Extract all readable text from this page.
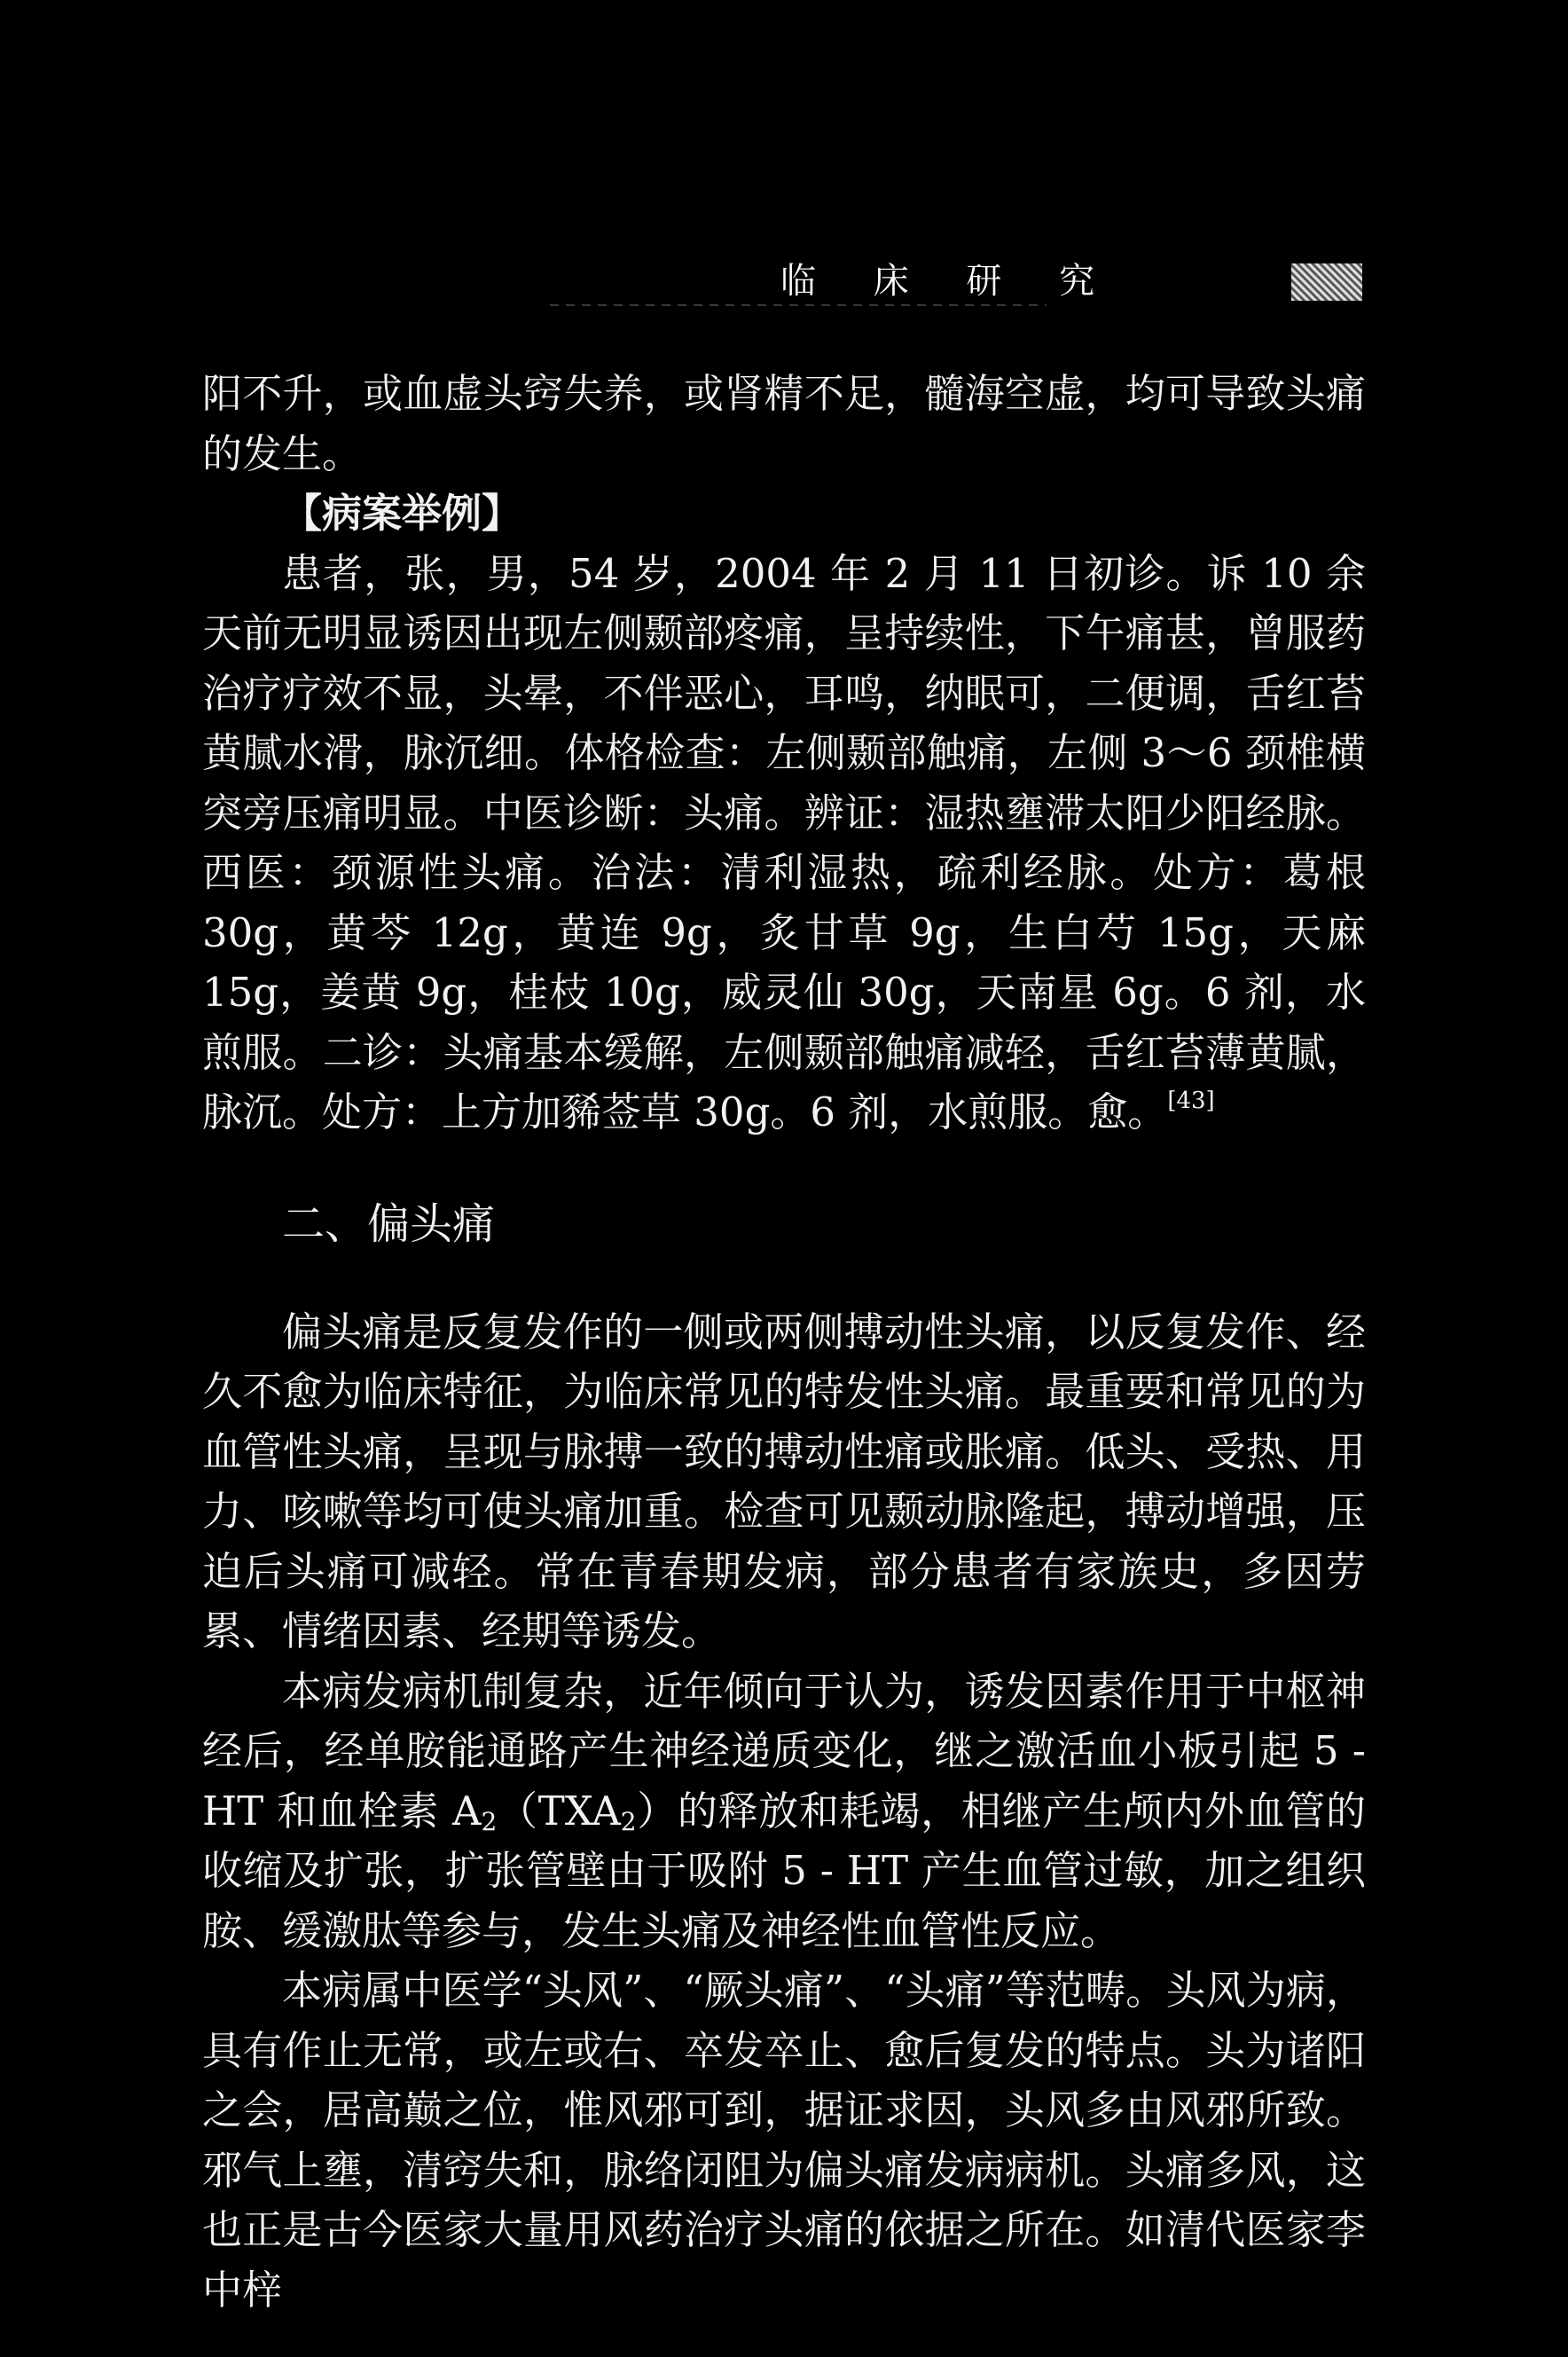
临 床 研 究

阳不升，或血虚头窍失养，或肾精不足，髓海空虚，均可导致头痛的发生。

【病案举例】

患者，张，男，54 岁，2004 年 2 月 11 日初诊。诉 10 余天前无明显诱因出现左侧颞部疼痛，呈持续性，下午痛甚，曾服药治疗疗效不显，头晕，不伴恶心，耳鸣，纳眠可，二便调，舌红苔黄腻水滑，脉沉细。体格检查：左侧颞部触痛，左侧 3～6 颈椎横突旁压痛明显。中医诊断：头痛。辨证：湿热壅滞太阳少阳经脉。西医：颈源性头痛。治法：清利湿热，疏利经脉。处方：葛根 30g，黄芩 12g，黄连 9g，炙甘草 9g，生白芍 15g，天麻 15g，姜黄 9g，桂枝 10g，威灵仙 30g，天南星 6g。6 剂，水煎服。二诊：头痛基本缓解，左侧颞部触痛减轻，舌红苔薄黄腻，脉沉。处方：上方加豨莶草 30g。6 剂，水煎服。愈。[43]

二、偏头痛

偏头痛是反复发作的一侧或两侧搏动性头痛，以反复发作、经久不愈为临床特征，为临床常见的特发性头痛。最重要和常见的为血管性头痛，呈现与脉搏一致的搏动性痛或胀痛。低头、受热、用力、咳嗽等均可使头痛加重。检查可见颞动脉隆起，搏动增强，压迫后头痛可减轻。常在青春期发病，部分患者有家族史，多因劳累、情绪因素、经期等诱发。

本病发病机制复杂，近年倾向于认为，诱发因素作用于中枢神经后，经单胺能通路产生神经递质变化，继之激活血小板引起 5 - HT 和血栓素 $A_2(TXA_2)$的释放和耗竭，相继产生颅内外血管的收缩及扩张，扩张管壁由于吸附 5 - HT 产生血管过敏，加之组织胺、缓激肽等参与，发生头痛及神经性血管性反应。

本病属中医学“头风”、“厥头痛”、“头痛”等范畴。头风为病，具有作止无常，或左或右、卒发卒止、愈后复发的特点。头为诸阳之会，居高巅之位，惟风邪可到，据证求因，头风多由风邪所致。邪气上壅，清窍失和，脉络闭阻为偏头痛发病病机。头痛多风，这也正是古今医家大量用风药治疗头痛的依据之所在。如清代医家李中梓
